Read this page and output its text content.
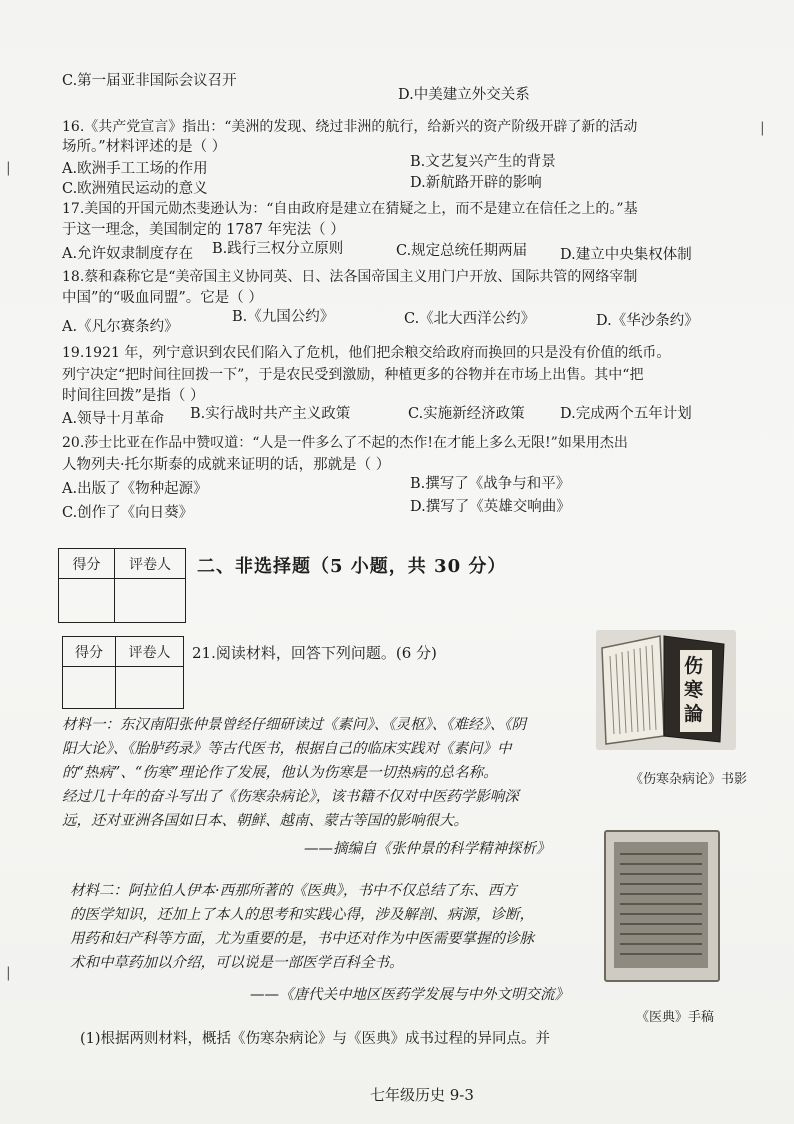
|
|
|
C.第一届亚非国际会议召开
D.中美建立外交关系
16.《共产党宣言》指出：“美洲的发现、绕过非洲的航行，给新兴的资产阶级开辟了新的活动
场所。”材料评述的是（ ）
A.欧洲手工工场的作用	B.文艺复兴产生的背景
C.欧洲殖民运动的意义	D.新航路开辟的影响
17.美国的开国元勋杰斐逊认为：“自由政府是建立在猜疑之上，而不是建立在信任之上的。”基
于这一理念，美国制定的 1787 年宪法（ ）
A.允许奴隶制度存在 B.践行三权分立原则	C.规定总统任期两届 D.建立中央集权体制
18.蔡和森称它是“美帝国主义协同英、日、法各国帝国主义用门户开放、国际共管的网络宰制
中国”的“吸血同盟”。它是（ ）
A.《凡尔赛条约》
B.《九国公约》	C.《北大西洋公约》	D.《华沙条约》
19.1921 年，列宁意识到农民们陷入了危机，他们把余粮交给政府而换回的只是没有价值的纸币。
列宁决定“把时间往回拨一下”，于是农民受到激励，种植更多的谷物并在市场上出售。其中“把
时间往回拨”是指（ ）
A.领导十月革命 B.实行战时共产主义政策	C.实施新经济政策 D.完成两个五年计划
20.莎士比亚在作品中赞叹道：“人是一件多么了不起的杰作!在才能上多么无限!”如果用杰出
人物列夫·托尔斯泰的成就来证明的话，那就是（ ）
A.出版了《物种起源》	B.撰写了《战争与和平》
C.创作了《向日葵》	D.撰写了《英雄交响曲》
得分	评卷人
	二、非选择题（5 小题，共 30 分）
得分	评卷人
	21.阅读材料，回答下列问题。(6 分)
材料一：东汉南阳张仲景曾经仔细研读过《素问》、《灵枢》、《难经》、《阴
阳大论》、《胎胪药录》等古代医书，根据自己的临床实践对《素问》中
的“热病”、“伤寒”理论作了发展，他认为伤寒是一切热病的总名称。
经过几十年的奋斗写出了《伤寒杂病论》，该书籍不仅对中医药学影响深
远，还对亚洲各国如日本、朝鲜、越南、蒙古等国的影响很大。
——摘编自《张仲景的科学精神探析》
伤寒論
《伤寒杂病论》书影
材料二：阿拉伯人伊本·西那所著的《医典》，书中不仅总结了东、西方
的医学知识，还加上了本人的思考和实践心得，涉及解剖、病源，诊断，
用药和妇产科等方面，尤为重要的是，书中还对作为中医需要掌握的诊脉
术和中草药加以介绍，可以说是一部医学百科全书。
——《唐代关中地区医药学发展与中外文明交流》
《医典》手稿
(1)根据两则材料，概括《伤寒杂病论》与《医典》成书过程的异同点。并
七年级历史 9-3
